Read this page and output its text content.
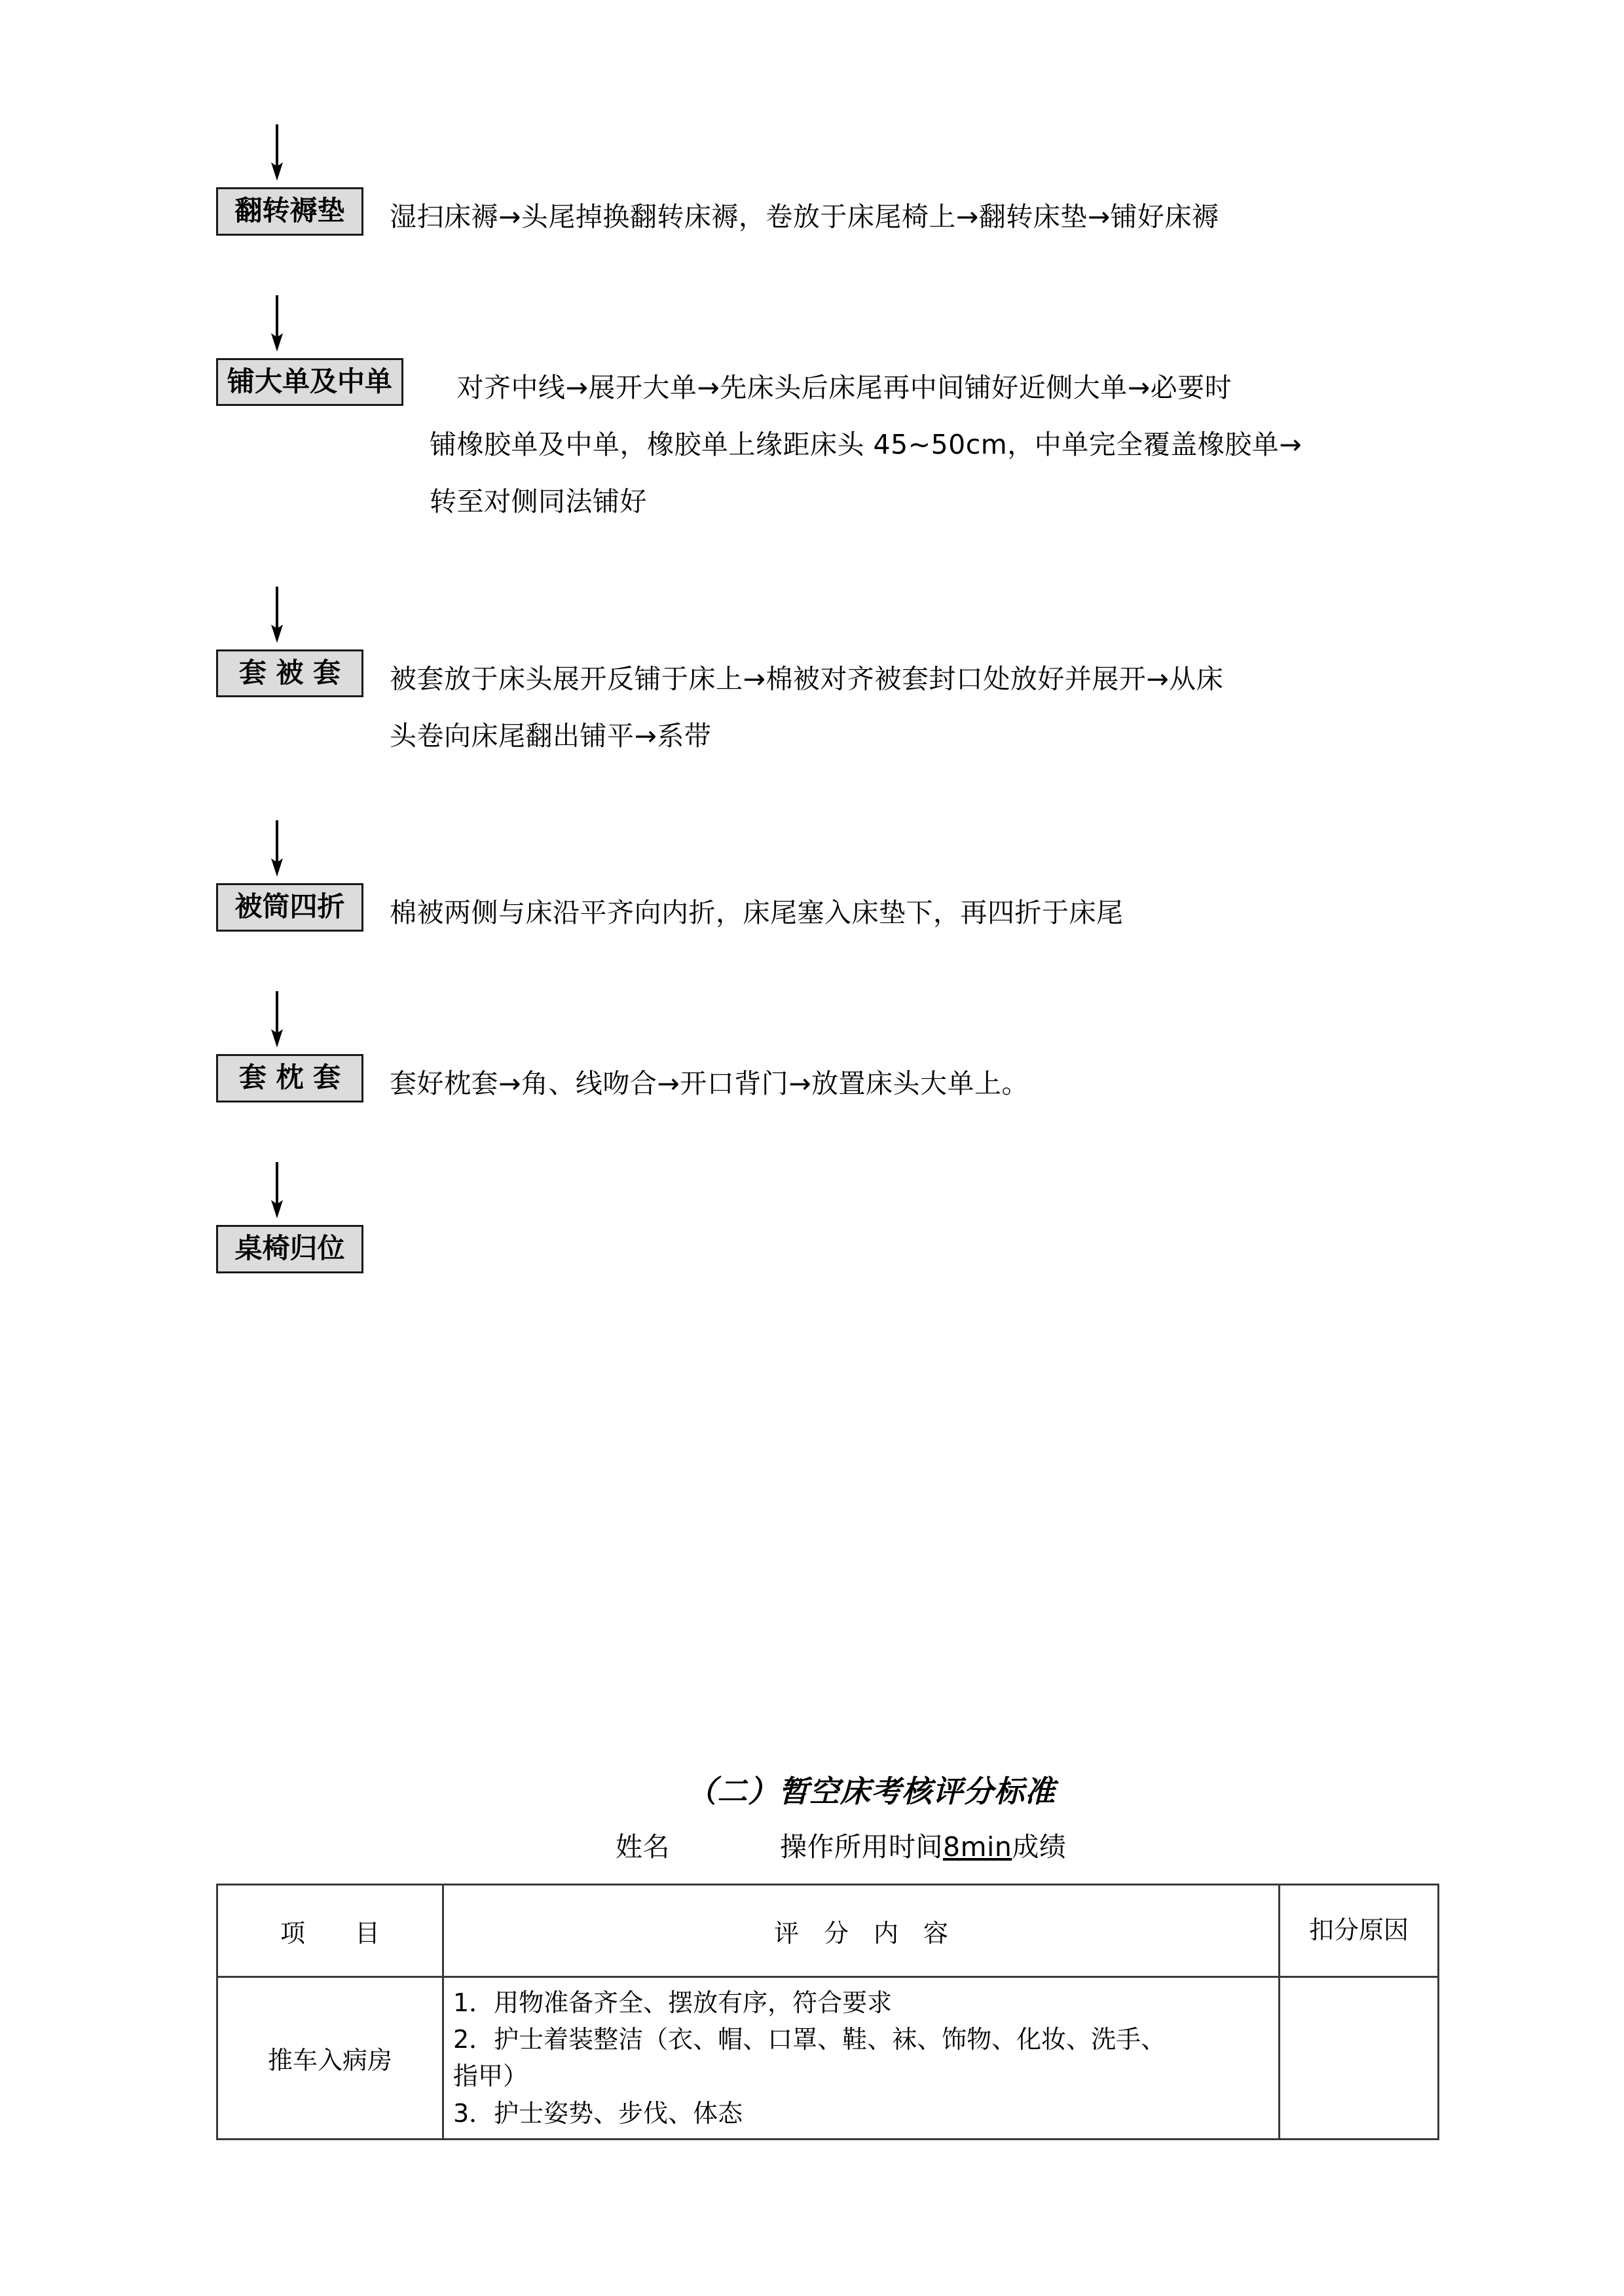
翻转褥垫	湿扫床褥→头尾掉换翻转床褥，卷放于床尾椅上→翻转床垫→铺好床褥
铺大单及中单	　对齐中线→展开大单→先床头后床尾再中间铺好近侧大单→必要时
铺橡胶单及中单，橡胶单上缘距床头 45~50cm，中单完全覆盖橡胶单→
转至对侧同法铺好
套 被 套	被套放于床头展开反铺于床上→棉被对齐被套封口处放好并展开→从床
头卷向床尾翻出铺平→系带
被筒四折	棉被两侧与床沿平齐向内折，床尾塞入床垫下，再四折于床尾
套 枕 套	套好枕套→角、线吻合→开口背门→放置床头大单上。
桌椅归位
（二）暂空床考核评分标准
姓名	操作所用时间8min成绩
项　　目	评　分　内　容	扣分原因
推车入病房	1．用物准备齐全、摆放有序，符合要求
2．护士着装整洁（衣、帽、口罩、鞋、袜、饰物、化妆、洗手、
指甲）
3．护士姿势、步伐、体态	
